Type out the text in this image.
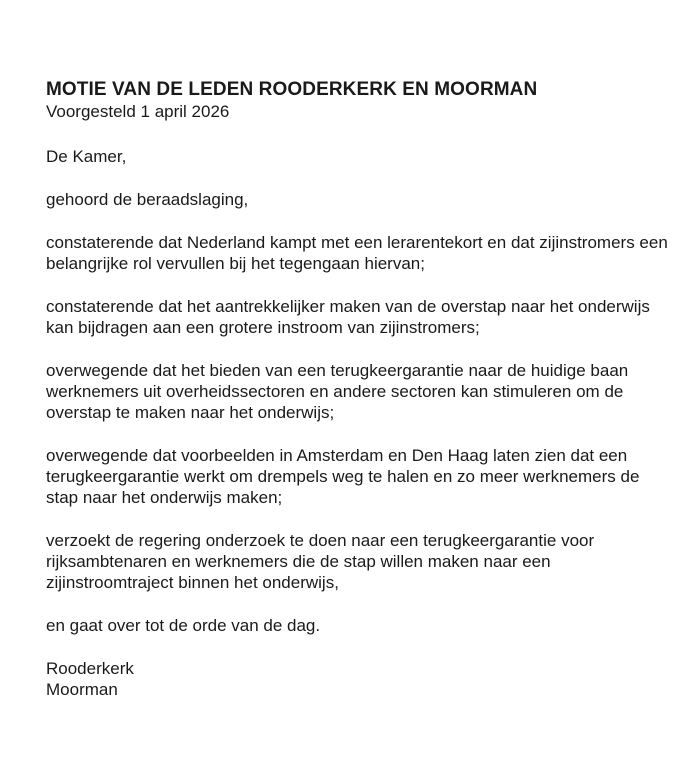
MOTIE VAN DE LEDEN ROODERKERK EN MOORMAN

Voorgesteld 1 april 2026

De Kamer,

gehoord de beraadslaging,

constaterende dat Nederland kampt met een lerarentekort en dat zijinstromers een belangrijke rol vervullen bij het tegengaan hiervan;

constaterende dat het aantrekkelijker maken van de overstap naar het onderwijs kan bijdragen aan een grotere instroom van zijinstromers;

overwegende dat het bieden van een terugkeergarantie naar de huidige baan werknemers uit overheidssectoren en andere sectoren kan stimuleren om de overstap te maken naar het onderwijs;

overwegende dat voorbeelden in Amsterdam en Den Haag laten zien dat een terugkeergarantie werkt om drempels weg te halen en zo meer werknemers de stap naar het onderwijs maken;

verzoekt de regering onderzoek te doen naar een terugkeergarantie voor rijksambtenaren en werknemers die de stap willen maken naar een zijinstroomtraject binnen het onderwijs,

en gaat over tot de orde van de dag.

Rooderkerk
Moorman
